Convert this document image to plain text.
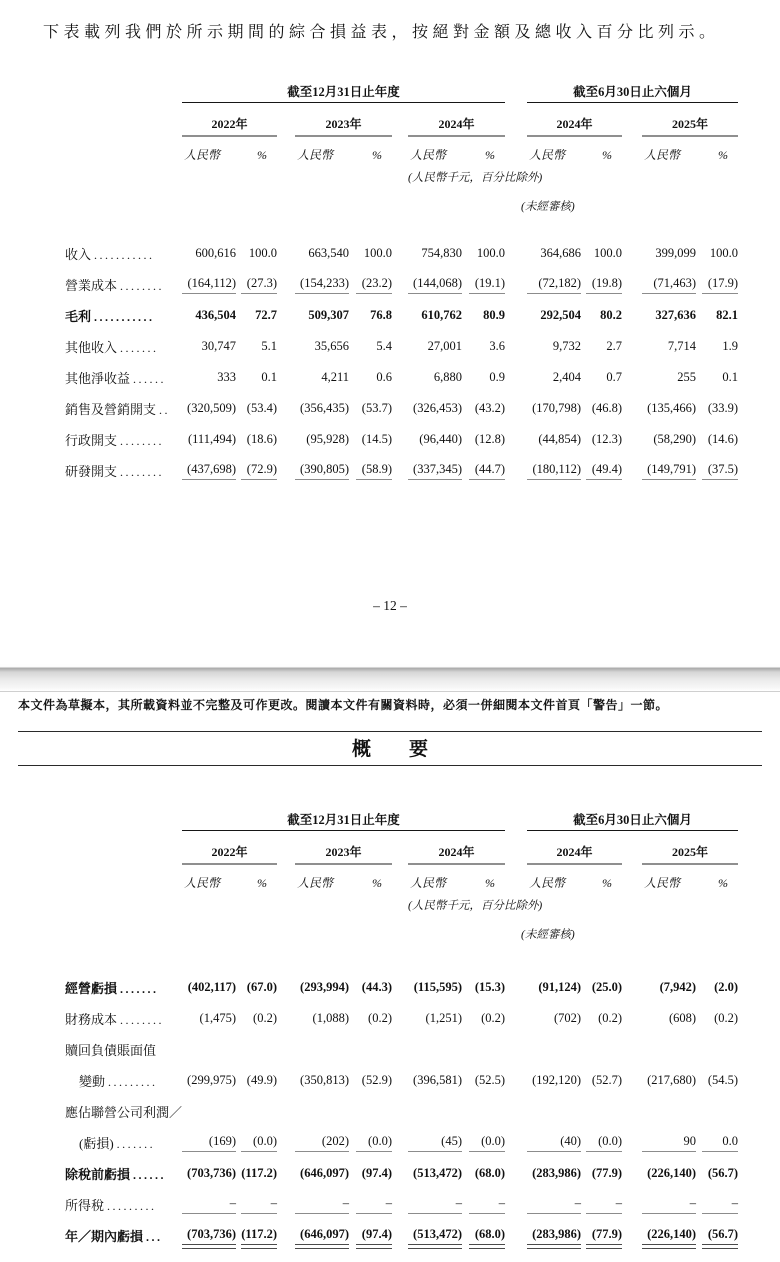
下表載列我們於所示期間的綜合損益表，按絕對金額及總收入百分比列示。

	截至12月31日止年度									截至6月30日止六個月				
	2022年			2023年			2024年			2024年			2025年	
	人民幣	%		人民幣	%		人民幣	%		人民幣	%		人民幣	%
							(人民幣千元，百分比除外)							
										(未經審核)				

收入 ...........	600,616	100.0		663,540	100.0		754,830	100.0		364,686	100.0		399,099	100.0
營業成本 ........	(164,112)	(27.3)		(154,233)	(23.2)		(144,068)	(19.1)		(72,182)	(19.8)		(71,463)	(17.9)
毛利 ...........	436,504	72.7		509,307	76.8		610,762	80.9		292,504	80.2		327,636	82.1
其他收入 .......	30,747	5.1		35,656	5.4		27,001	3.6		9,732	2.7		7,714	1.9
其他淨收益 ......	333	0.1		4,211	0.6		6,880	0.9		2,404	0.7		255	0.1
銷售及營銷開支 ..	(320,509)	(53.4)		(356,435)	(53.7)		(326,453)	(43.2)		(170,798)	(46.8)		(135,466)	(33.9)
行政開支 ........	(111,494)	(18.6)		(95,928)	(14.5)		(96,440)	(12.8)		(44,854)	(12.3)		(58,290)	(14.6)
研發開支 ........	(437,698)	(72.9)		(390,805)	(58.9)		(337,345)	(44.7)		(180,112)	(49.4)		(149,791)	(37.5)
– 12 –

本文件為草擬本，其所載資料並不完整及可作更改。閱讀本文件有關資料時，必須一併細閱本文件首頁「警告」一節。

概　　要
	截至12月31日止年度									截至6月30日止六個月				
	2022年			2023年			2024年			2024年			2025年	
	人民幣	%		人民幣	%		人民幣	%		人民幣	%		人民幣	%
							(人民幣千元，百分比除外)							
										(未經審核)				

經營虧損 .......	(402,117)	(67.0)		(293,994)	(44.3)		(115,595)	(15.3)		(91,124)	(25.0)		(7,942)	(2.0)
財務成本 ........	(1,475)	(0.2)		(1,088)	(0.2)		(1,251)	(0.2)		(702)	(0.2)		(608)	(0.2)
贖回負債賬面值														
變動 .........	(299,975)	(49.9)		(350,813)	(52.9)		(396,581)	(52.5)		(192,120)	(52.7)		(217,680)	(54.5)
應佔聯營公司利潤／														
(虧損) .......	(169)	(0.0)		(202)	(0.0)		(45)	(0.0)		(40)	(0.0)		90	0.0
除稅前虧損 ......	(703,736)	(117.2)		(646,097)	(97.4)		(513,472)	(68.0)		(283,986)	(77.9)		(226,140)	(56.7)
所得稅 .........	–	–		–	–		–	–		–	–		–	–
年／期內虧損 ...	(703,736)	(117.2)		(646,097)	(97.4)		(513,472)	(68.0)		(283,986)	(77.9)		(226,140)	(56.7)
